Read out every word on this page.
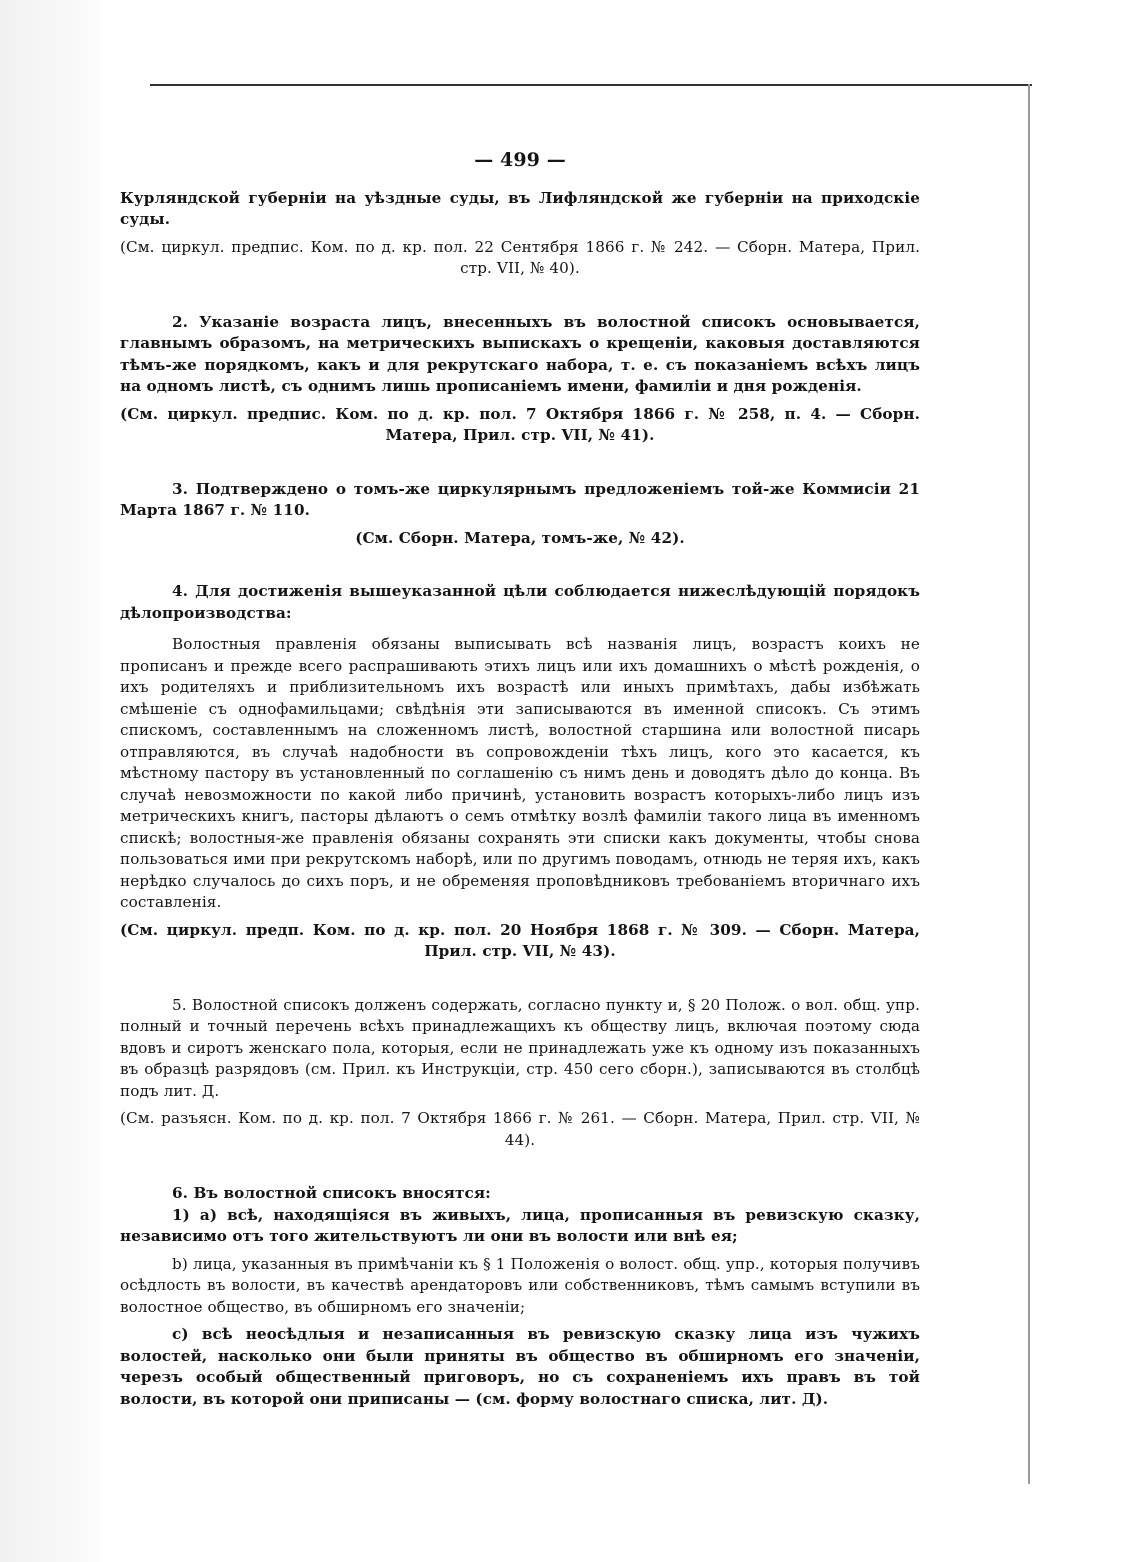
— 499 —

Курляндской губерніи на уѣздные суды, въ Лифляндской же губерніи на приходскіе суды.

(См. циркул. предпис. Ком. по д. кр. пол. 22 Сентября 1866 г. № 242. — Сборн. Матера, Прил. стр. VII, № 40).

2. Указаніе возраста лицъ, внесенныхъ въ волостной списокъ основывается, главнымъ образомъ, на метрическихъ выпискахъ о крещеніи, каковыя доставляются тѣмъ-же порядкомъ, какъ и для рекрутскаго набора, т. е. съ показаніемъ всѣхъ лицъ на одномъ листѣ, съ однимъ лишь прописаніемъ имени, фамиліи и дня рожденія.

(См. циркул. предпис. Ком. по д. кр. пол. 7 Октября 1866 г. № 258, п. 4. — Сборн. Матера, Прил. стр. VII, № 41).

3. Подтверждено о томъ-же циркулярнымъ предложеніемъ той-же Коммисіи 21 Марта 1867 г. № 110.

(См. Сборн. Матера, томъ-же, № 42).

4. Для достиженія вышеуказанной цѣли соблюдается нижеслѣдующій порядокъ дѣлопроизводства:

Волостныя правленія обязаны выписывать всѣ названія лицъ, возрастъ коихъ не прописанъ и прежде всего распрашивають этихъ лицъ или ихъ домашнихъ о мѣстѣ рожденія, о ихъ родителяхъ и приблизительномъ ихъ возрастѣ или иныхъ примѣтахъ, дабы избѣжать смѣшеніе съ однофамильцами; свѣдѣнія эти записываются въ именной списокъ. Съ этимъ спискомъ, составленнымъ на сложенномъ листѣ, волостной старшина или волостной писарь отправляются, въ случаѣ надобности въ сопровожденіи тѣхъ лицъ, кого это касается, къ мѣстному пастору въ установленный по соглашенію съ нимъ день и доводятъ дѣло до конца. Въ случаѣ невозможности по какой либо причинѣ, установить возрастъ которыхъ-либо лицъ изъ метрическихъ книгъ, пасторы дѣлаютъ о семъ отмѣтку возлѣ фамиліи такого лица въ именномъ спискѣ; волостныя-же правленія обязаны сохранять эти списки какъ документы, чтобы снова пользоваться ими при рекрутскомъ наборѣ, или по другимъ поводамъ, отнюдь не теряя ихъ, какъ нерѣдко случалось до сихъ поръ, и не обременяя проповѣдниковъ требованіемъ вторичнаго ихъ составленія.

(См. циркул. предп. Ком. по д. кр. пол. 20 Ноября 1868 г. № 309. — Сборн. Матера, Прил. стр. VII, № 43).

5. Волостной списокъ долженъ содержать, согласно пункту и, § 20 Полож. о вол. общ. упр. полный и точный перечень всѣхъ принадлежащихъ къ обществу лицъ, включая поэтому сюда вдовъ и сиротъ женскаго пола, которыя, если не принадлежать уже къ одному изъ показанныхъ въ образцѣ разрядовъ (см. Прил. къ Инструкціи, стр. 450 сего сборн.), записываются въ столбцѣ подъ лит. Д.

(См. разъясн. Ком. по д. кр. пол. 7 Октября 1866 г. № 261. — Сборн. Матера, Прил. стр. VII, № 44).

6. Въ волостной списокъ вносятся:

1) а) всѣ, находящіяся въ живыхъ, лица, прописанныя въ ревизскую сказку, независимо отъ того жительствуютъ ли они въ волости или внѣ ея;

b) лица, указанныя въ примѣчаніи къ § 1 Положенія о волост. общ. упр., которыя получивъ осѣдлость въ волости, въ качествѣ арендаторовъ или собственниковъ, тѣмъ самымъ вступили въ волостное общество, въ обширномъ его значеніи;

с) всѣ неосѣдлыя и незаписанныя въ ревизскую сказку лица изъ чужихъ волостей, насколько они были приняты въ общество въ обширномъ его значеніи, черезъ особый общественный приговоръ, но съ сохраненіемъ ихъ правъ въ той волости, въ которой они приписаны — (см. форму волостнаго списка, лит. Д).
